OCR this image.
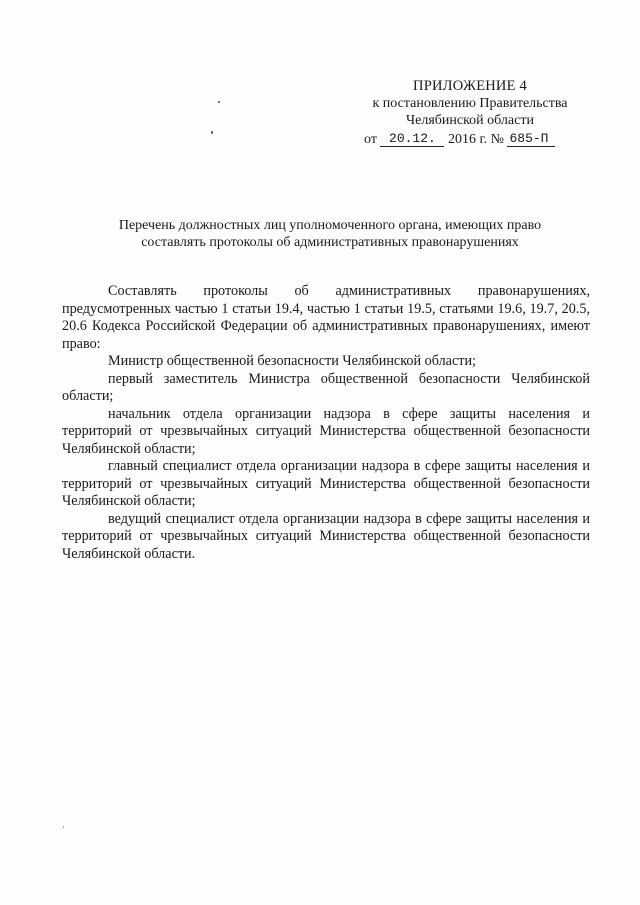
ПРИЛОЖЕНИЕ 4
к постановлению Правительства
Челябинской области
от 20.12. 2016 г. № 685-П
Перечень должностных лиц уполномоченного органа, имеющих право
составлять протоколы об административных правонарушениях

Составлять протоколы об административных правонарушениях, предусмотренных частью 1 статьи 19.4, частью 1 статьи 19.5, статьями 19.6, 19.7, 20.5, 20.6 Кодекса Российской Федерации об административных правонарушениях, имеют право:

Министр общественной безопасности Челябинской области;

первый заместитель Министра общественной безопасности Челябинской области;

начальник отдела организации надзора в сфере защиты населения и территорий от чрезвычайных ситуаций Министерства общественной безопасности Челябинской области;

главный специалист отдела организации надзора в сфере защиты населения и территорий от чрезвычайных ситуаций Министерства общественной безопасности Челябинской области;

ведущий специалист отдела организации надзора в сфере защиты населения и территорий от чрезвычайных ситуаций Министерства общественной безопасности Челябинской области.
